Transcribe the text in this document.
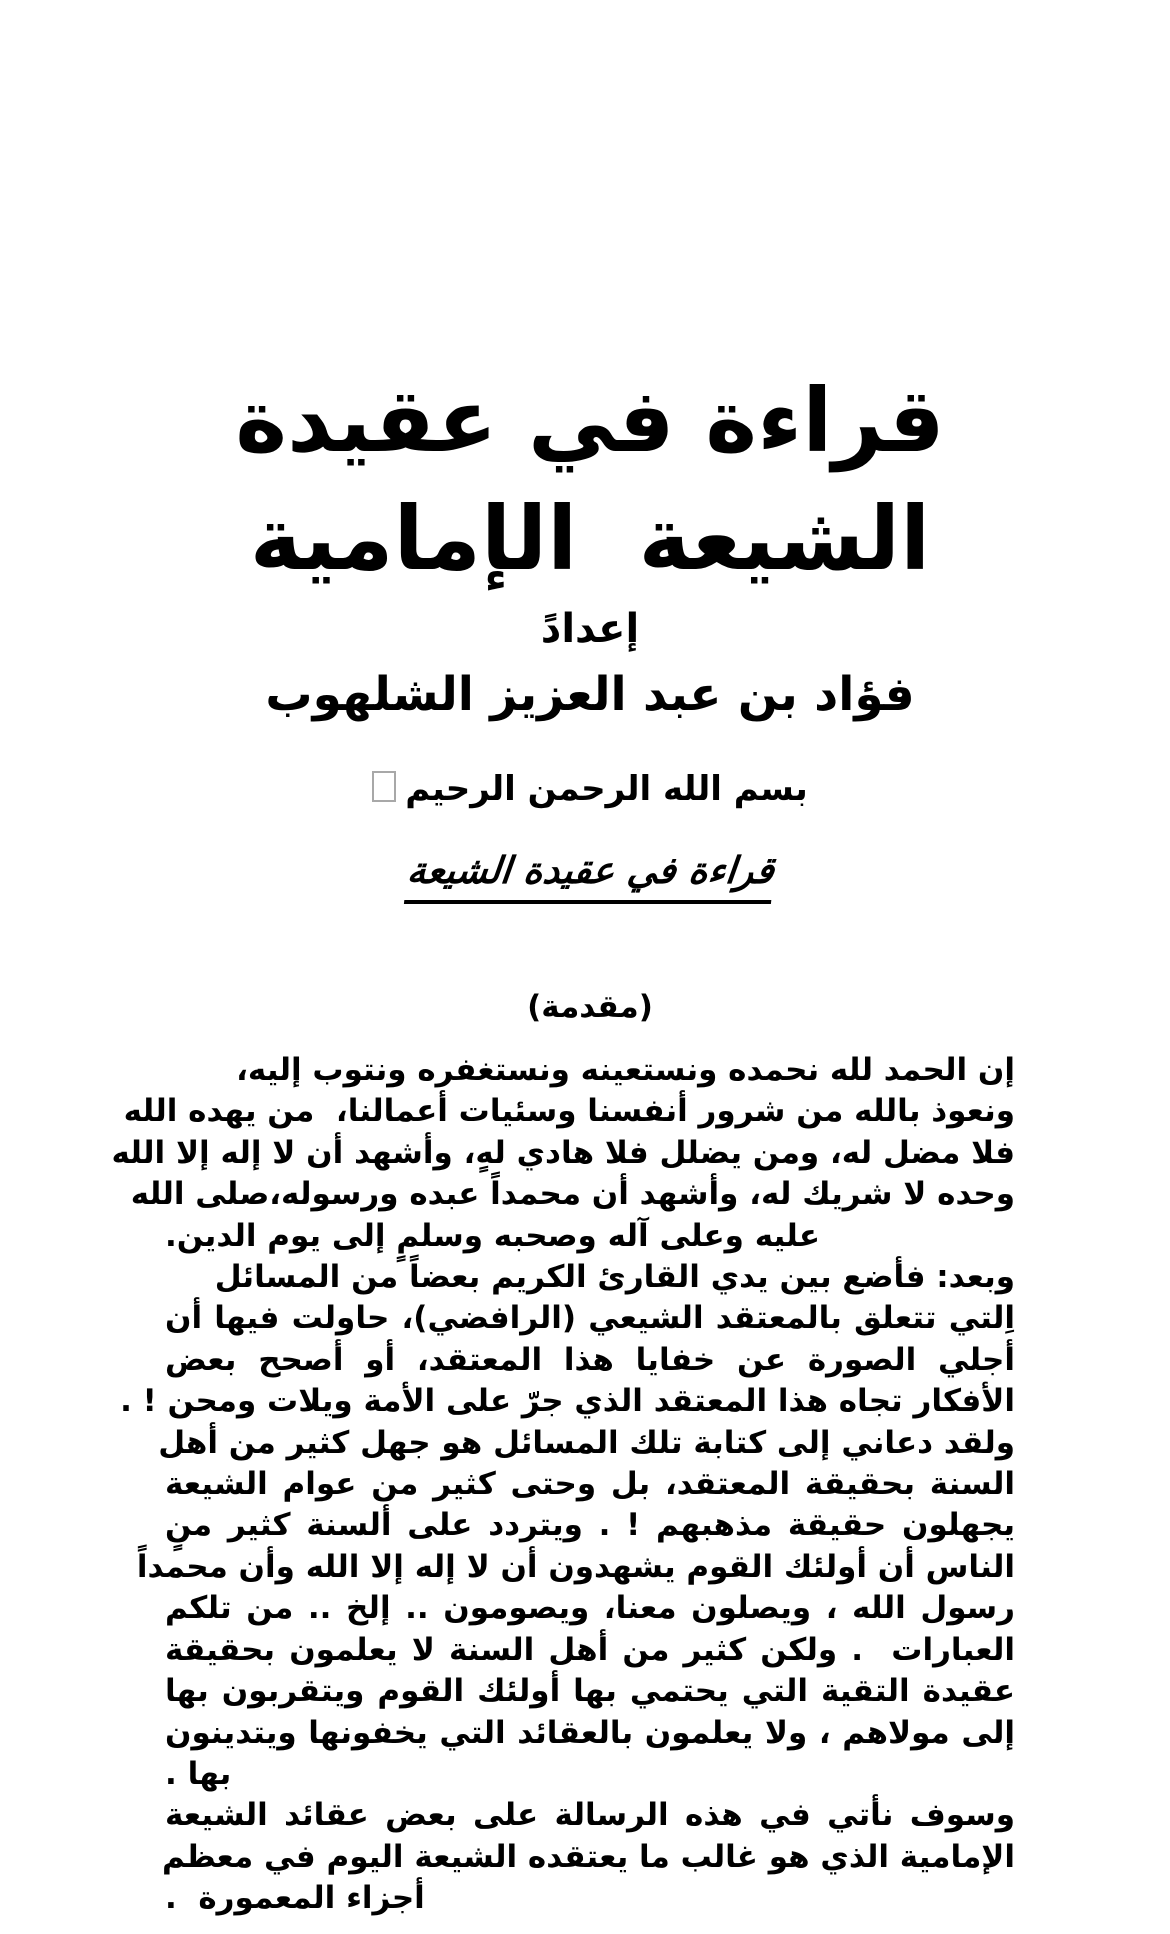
قراءة في عقيدة
الشيعة  الإمامية
إعدادً
فؤاد بن عبد العزيز الشلهوب
بسم الله الرحمن الرحيم
قراءة في عقيدة الشيعة
(مقدمة)
إن الحمد لله نحمده ونستعينه ونستغفره ونتوب إليه،
ونعوذ بالله من شرور أنفسنا وسئيات أعمالنا،  من يهده الله
فلا مضل له، ومن يضلل فلا هادي لهٍ، وأشهد أن لا إله إلا الله
وحده لا شريك له، وأشهد أن محمداً عبده ورسوله،صلى الله
عليه وعلى آله وصحبه وسلمٍ إلى يوم الدين.
وبعد: فأضع بين يدي القارئ الكريم بعضاً من المسائل
اِلتي تتعلق بالمعتقد الشيعي (الرافضي)، حاولت فيها أن
أجلي الصورة عن خفايا هذا المعتقد، أو أصحح بعض
الأفكار تجاه هذا المعتقد الذي جرّ على الأمة ويلات ومحن ! .
ولقد دعاني إلى كتابة تلك المسائل هو جهل كثير من أهل
السنة بحقيقة المعتقد، بل وحتى كثير من عوام الشيعة
يجهلون حقيقة مذهبهم ! . ويتردد على ألسنة كثير منٍ
الناس أن أولئك القوم يشهدون أن لا إله إلا الله وأن محمداً
رسول الله ، ويصلون معنا، ويصومون .. إلخ .. من تلكم
العبارات  . ولكن كثير من أهل السنة لا يعلمون بحقيقة
عقيدة التقية التي يحتمي بها أولئك القوم ويتقربون بها
إلى مولاهم ، ولا يعلمون بالعقائد التي يخفونها ويتدينون
بها .
وسوف نأتي في هذه الرسالة على بعض عقائد الشيعة
الإمامية الذي هو غالب ما يعتقده الشيعة اليوم في معظم
أجزاء المعمورة  .
